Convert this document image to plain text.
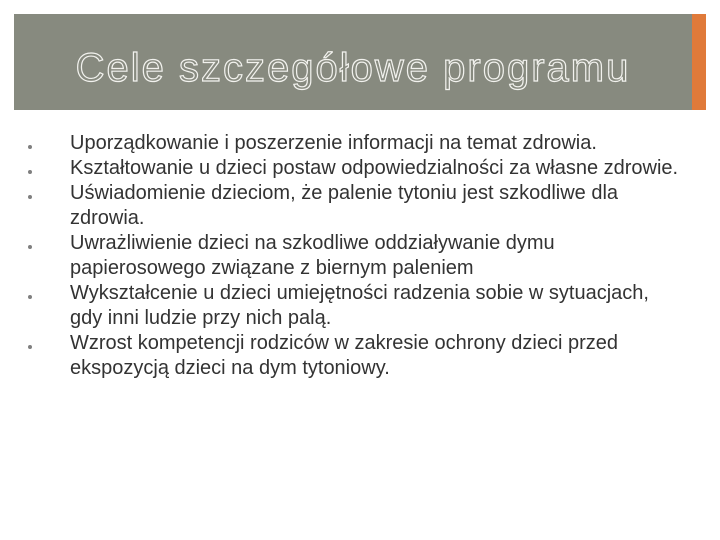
Cele szczegółowe programu
Uporządkowanie i poszerzenie informacji na temat zdrowia.
Kształtowanie u dzieci postaw odpowiedzialności za własne zdrowie.
Uświadomienie dzieciom, że palenie tytoniu jest szkodliwe dla zdrowia.
Uwrażliwienie dzieci na szkodliwe oddziaływanie dymu papierosowego związane z biernym paleniem
Wykształcenie u dzieci umiejętności radzenia sobie w sytuacjach, gdy inni ludzie przy nich palą.
Wzrost kompetencji rodziców w zakresie ochrony dzieci przed ekspozycją dzieci na dym tytoniowy.
